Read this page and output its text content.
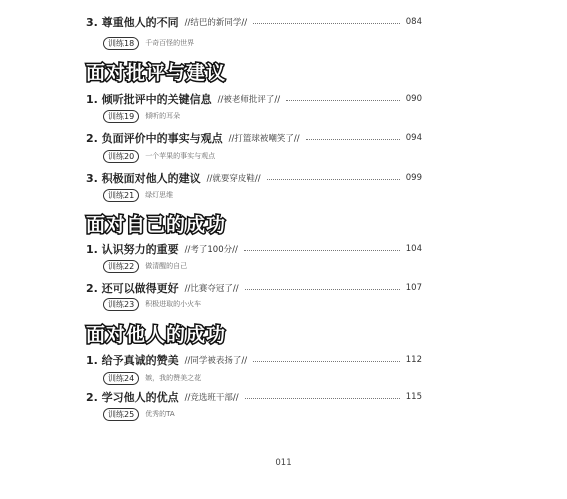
3. 尊重他人的不同 //结巴的新同学//	084
训练18	千奇百怪的世界
面对批评与建议
1. 倾听批评中的关键信息 //被老师批评了//	090
训练19	倾听的耳朵
2. 负面评价中的事实与观点 //打篮球被嘲笑了//	094
训练20	一个苹果的事实与观点
3. 积极面对他人的建议 //就要穿皮鞋//	099
训练21	绿灯思维
面对自己的成功
1. 认识努力的重要 //考了100分//	104
训练22	做清醒的自己
2. 还可以做得更好 //比赛夺冠了//	107
训练23	积极进取的小火车
面对他人的成功
1. 给予真诚的赞美 //同学被表扬了//	112
训练24	嫉，我的赞美之花
2. 学习他人的优点 //竞选班干部//	115
训练25	优秀的TA
011
